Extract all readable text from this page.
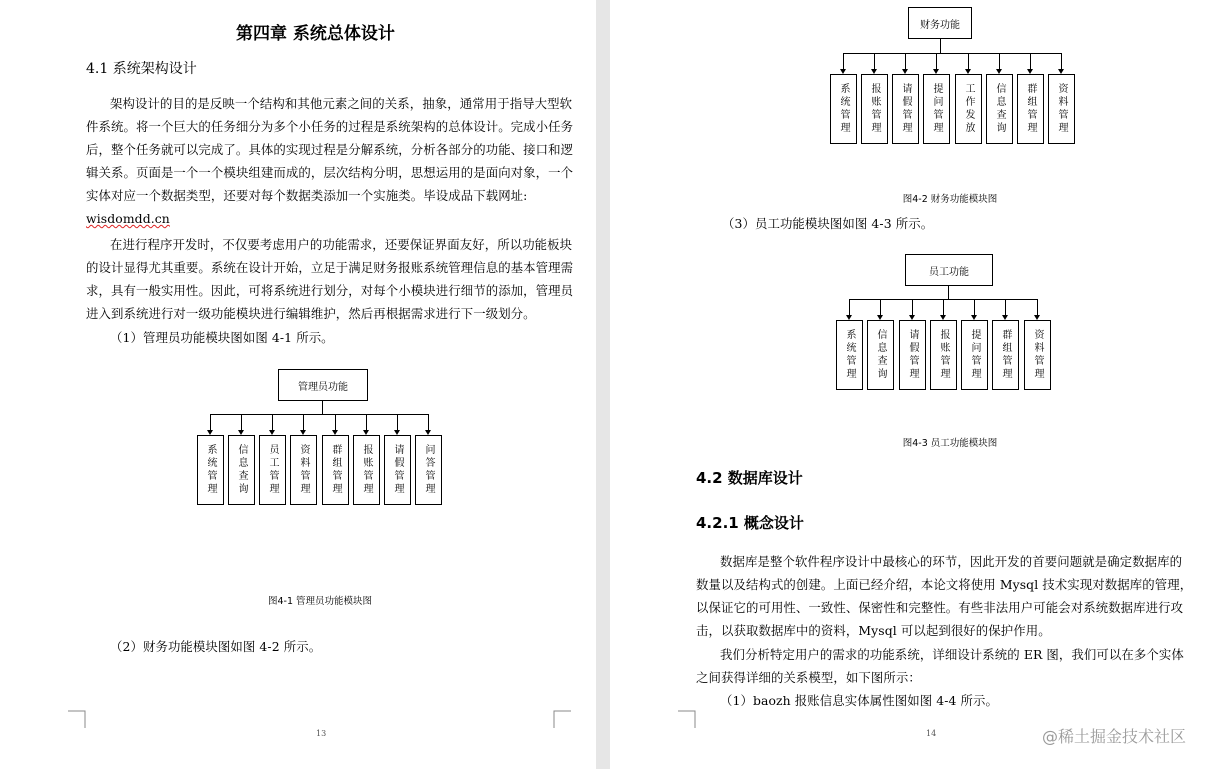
第四章 系统总体设计
4.1 系统架构设计
架构设计的目的是反映一个结构和其他元素之间的关系，抽象，通常用于指导大型软
件系统。将一个巨大的任务细分为多个小任务的过程是系统架构的总体设计。完成小任务
后，整个任务就可以完成了。具体的实现过程是分解系统，分析各部分的功能、接口和逻
辑关系。页面是一个一个模块组建而成的，层次结构分明，思想运用的是面向对象，一个
实体对应一个数据类型，还要对每个数据类添加一个实施类。毕设成品下载网址:
wisdomdd.cn
在进行程序开发时，不仅要考虑用户的功能需求，还要保证界面友好，所以功能板块
的设计显得尤其重要。系统在设计开始，立足于满足财务报账系统管理信息的基本管理需
求，具有一般实用性。因此，可将系统进行划分，对每个小模块进行细节的添加，管理员
进入到系统进行对一级功能模块进行编辑维护，然后再根据需求进行下一级划分。
（1）管理员功能模块图如图 4-1 所示。
管理员功能
系统管理	信息查询	员工管理	资料管理	群组管理	报账管理	请假管理	问答管理
图4-1 管理员功能模块图
（2）财务功能模块图如图 4-2 所示。
13
财务功能
系统管理	报账管理	请假管理	提问管理	工作发放	信息查询	群组管理	资料管理
图4-2 财务功能模块图
（3）员工功能模块图如图 4-3 所示。
员工功能
系统管理	信息查询	请假管理	报账管理	提问管理	群组管理	资料管理
图4-3 员工功能模块图
4.2 数据库设计
4.2.1 概念设计
数据库是整个软件程序设计中最核心的环节，因此开发的首要问题就是确定数据库的
数量以及结构式的创建。上面已经介绍，本论文将使用 Mysql 技术实现对数据库的管理，
以保证它的可用性、一致性、保密性和完整性。有些非法用户可能会对系统数据库进行攻
击，以获取数据库中的资料，Mysql 可以起到很好的保护作用。
我们分析特定用户的需求的功能系统，详细设计系统的 ER 图，我们可以在多个实体
之间获得详细的关系模型，如下图所示：
（1）baozh 报账信息实体属性图如图 4-4 所示。
14	@稀土掘金技术社区
